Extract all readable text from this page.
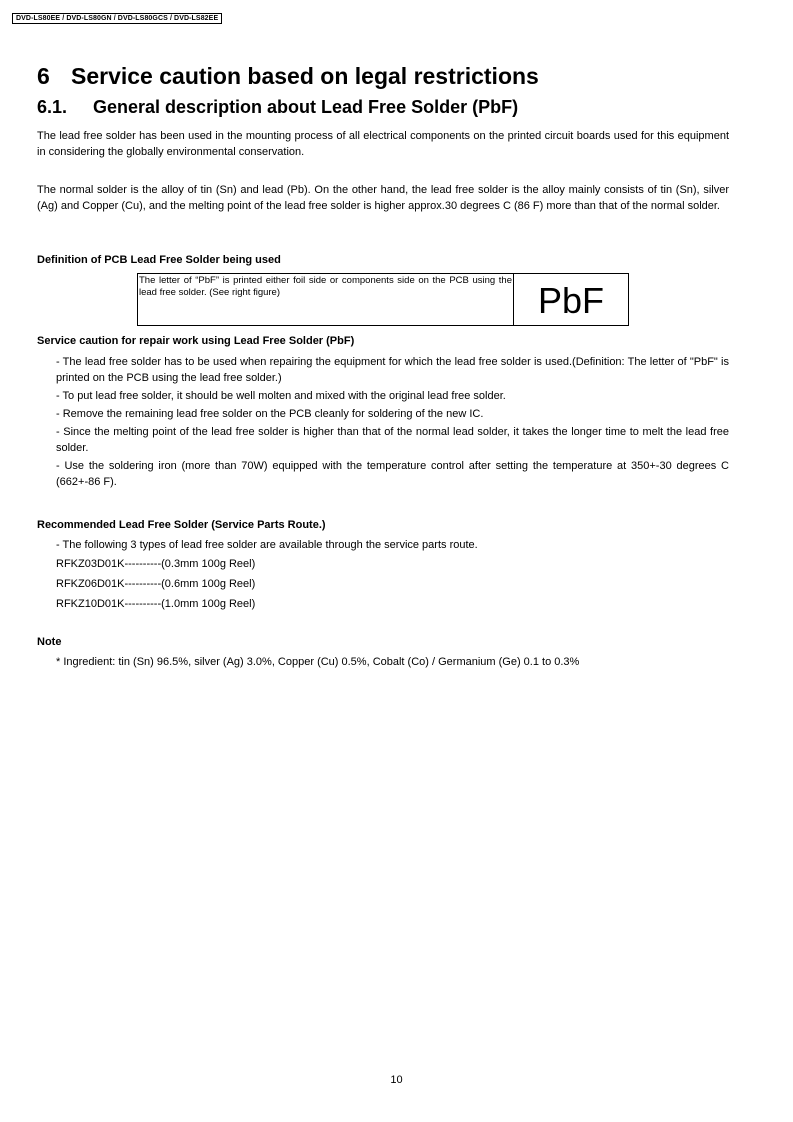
DVD-LS80EE / DVD-LS80GN / DVD-LS80GCS / DVD-LS82EE
6 Service caution based on legal restrictions
6.1. General description about Lead Free Solder (PbF)

The lead free solder has been used in the mounting process of all electrical components on the printed circuit boards used for this equipment in considering the globally environmental conservation.

The normal solder is the alloy of tin (Sn) and lead (Pb). On the other hand, the lead free solder is the alloy mainly consists of tin (Sn), silver (Ag) and Copper (Cu), and the melting point of the lead free solder is higher approx.30 degrees C (86 F) more than that of the normal solder.

Definition of PCB Lead Free Solder being used

The letter of “PbF” is printed either foil side or components side on the PCB using the lead free solder. (See right figure)	PbF

Service caution for repair work using Lead Free Solder (PbF)

- The lead free solder has to be used when repairing the equipment for which the lead free solder is used.(Definition: The letter of "PbF" is printed on the PCB using the lead free solder.)
- To put lead free solder, it should be well molten and mixed with the original lead free solder.
- Remove the remaining lead free solder on the PCB cleanly for soldering of the new IC.
- Since the melting point of the lead free solder is higher than that of the normal lead solder, it takes the longer time to melt the lead free solder.
- Use the soldering iron (more than 70W) equipped with the temperature control after setting the temperature at 350+-30 degrees C (662+-86 F).

Recommended Lead Free Solder (Service Parts Route.)

- The following 3 types of lead free solder are available through the service parts route.
RFKZ03D01K----------(0.3mm 100g Reel)
RFKZ06D01K----------(0.6mm 100g Reel)
RFKZ10D01K----------(1.0mm 100g Reel)

Note

* Ingredient: tin (Sn) 96.5%, silver (Ag) 3.0%, Copper (Cu) 0.5%, Cobalt (Co) / Germanium (Ge) 0.1 to 0.3%
10
